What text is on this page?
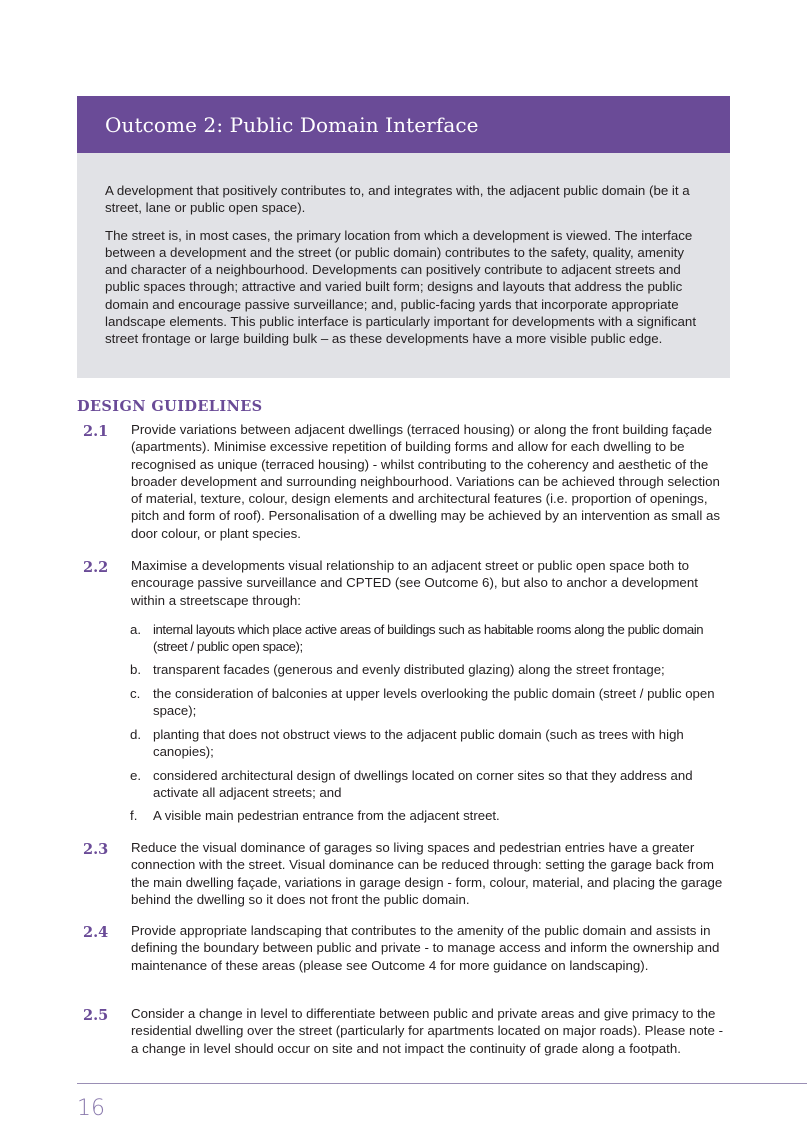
Outcome 2: Public Domain Interface

A development that positively contributes to, and integrates with, the adjacent public domain (be it a street, lane or public open space).

The street is, in most cases, the primary location from which a development is viewed. The interface between a development and the street (or public domain) contributes to the safety, quality, amenity and character of a neighbourhood. Developments can positively contribute to adjacent streets and public spaces through; attractive and varied built form; designs and layouts that address the public domain and encourage passive surveillance; and, public-facing yards that incorporate appropriate landscape elements. This public interface is particularly important for developments with a significant street frontage or large building bulk – as these developments have a more visible public edge.

DESIGN GUIDELINES
2.1 Provide variations between adjacent dwellings (terraced housing) or along the front building façade (apartments). Minimise excessive repetition of building forms and allow for each dwelling to be recognised as unique (terraced housing) - whilst contributing to the coherency and aesthetic of the broader development and surrounding neighbourhood. Variations can be achieved through selection of material, texture, colour, design elements and architectural features (i.e. proportion of openings, pitch and form of roof). Personalisation of a dwelling may be achieved by an intervention as small as door colour, or plant species.

2.2 Maximise a developments visual relationship to an adjacent street or public open space both to encourage passive surveillance and CPTED (see Outcome 6), but also to anchor a development within a streetscape through:

a. internal layouts which place active areas of buildings such as habitable rooms along the public domain (street / public open space);

b. transparent facades (generous and evenly distributed glazing) along the street frontage;

c. the consideration of balconies at upper levels overlooking the public domain (street / public open space);

d. planting that does not obstruct views to the adjacent public domain (such as trees with high canopies);

e. considered architectural design of dwellings located on corner sites so that they address and activate all adjacent streets; and

f. A visible main pedestrian entrance from the adjacent street.

2.3 Reduce the visual dominance of garages so living spaces and pedestrian entries have a greater connection with the street. Visual dominance can be reduced through: setting the garage back from the main dwelling façade, variations in garage design - form, colour, material, and placing the garage behind the dwelling so it does not front the public domain.

2.4 Provide appropriate landscaping that contributes to the amenity of the public domain and assists in defining the boundary between public and private - to manage access and inform the ownership and maintenance of these areas (please see Outcome 4 for more guidance on landscaping).

2.5 Consider a change in level to differentiate between public and private areas and give primacy to the residential dwelling over the street (particularly for apartments located on major roads). Please note - a change in level should occur on site and not impact the continuity of grade along a footpath.

16
